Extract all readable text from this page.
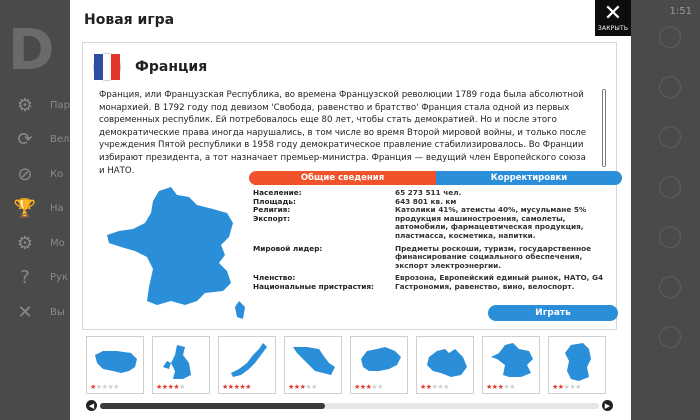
D
1:51
⚙ Пар
⟳	Вел
⊘	Ко
🏆 На
⚙ Мо
?	Рук
✕	Вы
◯
◯
◯
◯
◯
◯
◯
Новая игра	✕
ЗАКРЫТЬ
Франция
Франция, или Французская Республика, во времена Французской революции 1789 года была абсолютной монархией. В 1792 году под девизом 'Свобода, равенство и братство' Франция стала одной из первых современных республик. Ей потребовалось еще 80 лет, чтобы стать демократией. Но и после этого демократические права иногда нарушались, в том числе во время Второй мировой войны, и только после учреждения Пятой республики в 1958 году демократическое правление стабилизировалось. Во Франции избирают президента, а тот назначает премьер-министра. Франция — ведущий член Европейского союза и НАТО.
Общие сведения	Корректировки
Население:	65 273 511 чел.
Площадь:	643 801 кв. км
Религия:	Католики 41%, атеисты 40%, мусульмане 5%
Экспорт:	продукция машиностроения, самолеты, автомобили, фармацевтическая продукция, пластмасса, косметика, напитки.
Мировой лидер:	Предметы роскоши, туризм, государственное финансирование социального обеспечения, экспорт электроэнергии.
Членство:	Еврозона, Европейский единый рынок, НАТО, G4
Национальные пристрастия:	Гастрономия, равенство, вино, велоспорт.
Играть
★★★★★	★★★★★	★★★★★	★★★★★	★★★★★	★★★★★	★★★★★	★★★★★
◀	▶
